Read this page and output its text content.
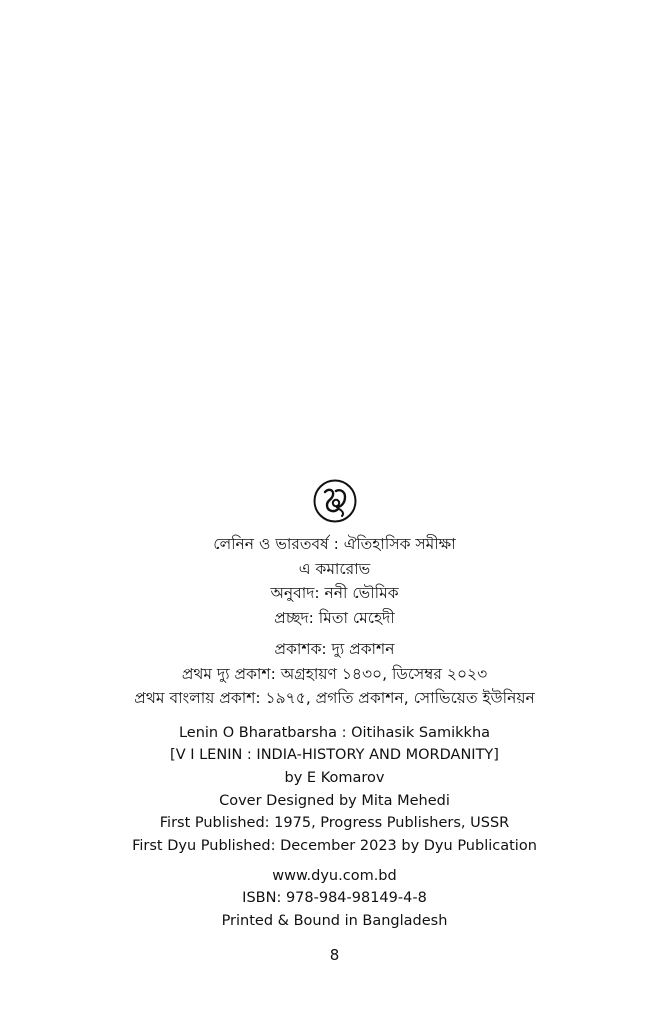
লেনিন ও ভারতবর্ষ : ঐতিহাসিক সমীক্ষা
এ কমারোভ
অনুবাদ: ননী ভৌমিক
প্রচ্ছদ: মিতা মেহেদী
প্রকাশক: দ্যু প্রকাশন
প্রথম দ্যু প্রকাশ: অগ্রহায়ণ ১৪৩০, ডিসেম্বর ২০২৩
প্রথম বাংলায় প্রকাশ: ১৯৭৫, প্রগতি প্রকাশন, সোভিয়েত ইউনিয়ন
Lenin O Bharatbarsha : Oitihasik Samikkha
[V I LENIN : INDIA-HISTORY AND MORDANITY]
by E Komarov
Cover Designed by Mita Mehedi
First Published: 1975, Progress Publishers, USSR
First Dyu Published: December 2023 by Dyu Publication
www.dyu.com.bd
ISBN: 978-984-98149-4-8
Printed & Bound in Bangladesh
8
